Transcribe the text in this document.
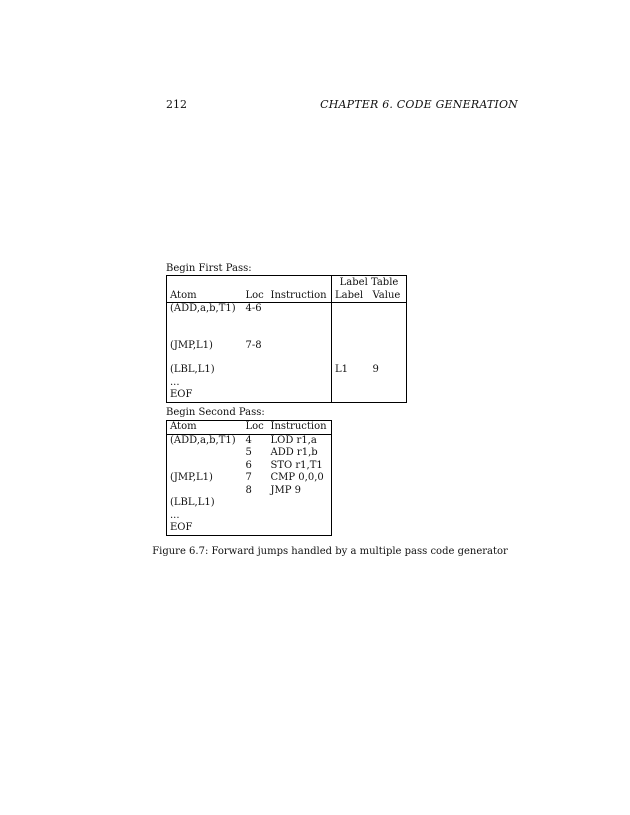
212	CHAPTER 6. CODE GENERATION
Begin First Pass:
			Label Table	
Atom	Loc	Instruction	Label	Value
(ADD,a,b,T1)	4-6			

(JMP,L1)	7-8			

(LBL,L1)			L1	9
...				
EOF				
Begin Second Pass:
Atom	Loc	Instruction
(ADD,a,b,T1)	4	LOD r1,a
	5	ADD r1,b
	6	STO r1,T1
(JMP,L1)	7	CMP 0,0,0
	8	JMP 9
(LBL,L1)		
...		
EOF		
Figure 6.7: Forward jumps handled by a multiple pass code generator
